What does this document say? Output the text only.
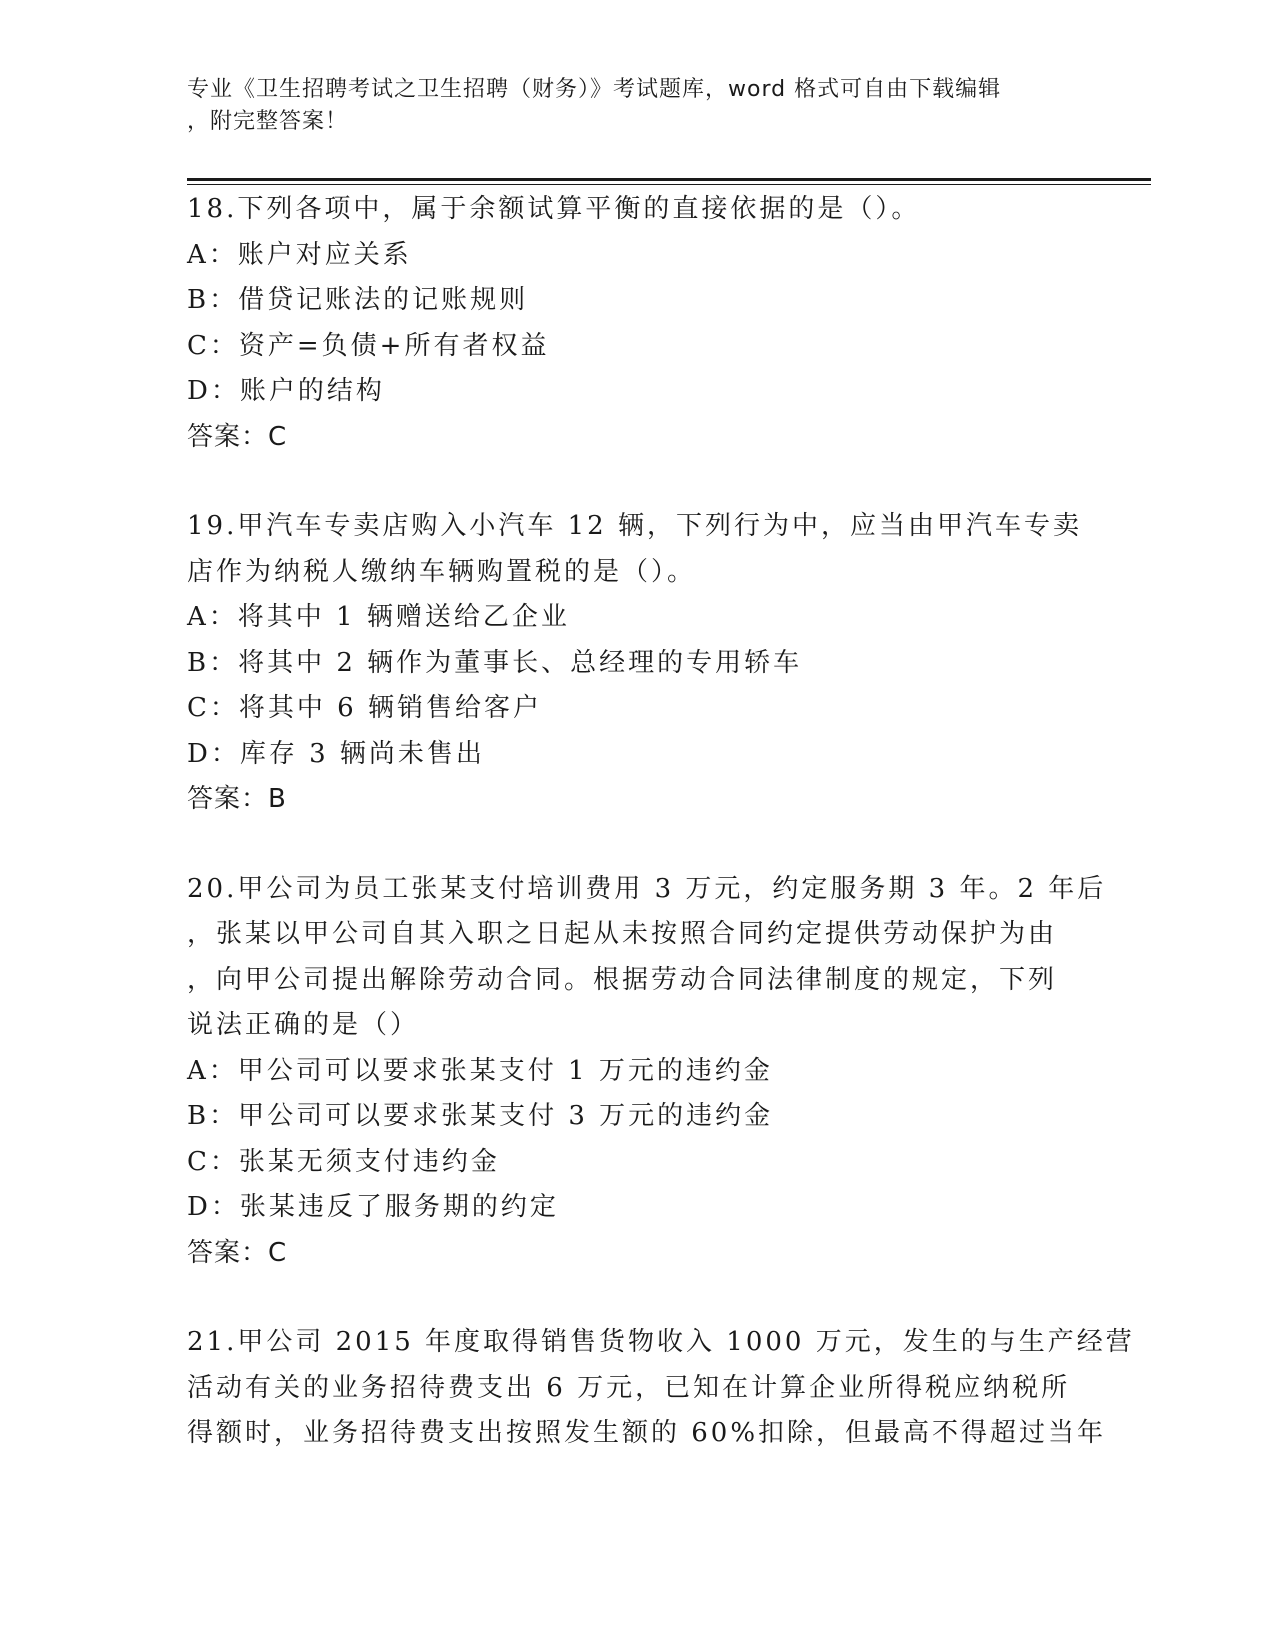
专业《卫生招聘考试之卫生招聘（财务）》考试题库，word 格式可自由下载编辑
，附完整答案！
18.下列各项中，属于余额试算平衡的直接依据的是（）。
A：账户对应关系
B：借贷记账法的记账规则
C：资产=负债+所有者权益
D：账户的结构
答案：C
19.甲汽车专卖店购入小汽车 12 辆，下列行为中，应当由甲汽车专卖
店作为纳税人缴纳车辆购置税的是（）。
A：将其中 1 辆赠送给乙企业
B：将其中 2 辆作为董事长、总经理的专用轿车
C：将其中 6 辆销售给客户
D：库存 3 辆尚未售出
答案：B
20.甲公司为员工张某支付培训费用 3 万元，约定服务期 3 年。2 年后
，张某以甲公司自其入职之日起从未按照合同约定提供劳动保护为由
，向甲公司提出解除劳动合同。根据劳动合同法律制度的规定，下列
说法正确的是（）
A：甲公司可以要求张某支付 1 万元的违约金
B：甲公司可以要求张某支付 3 万元的违约金
C：张某无须支付违约金
D：张某违反了服务期的约定
答案：C
21.甲公司 2015 年度取得销售货物收入 1000 万元，发生的与生产经营
活动有关的业务招待费支出 6 万元，已知在计算企业所得税应纳税所
得额时，业务招待费支出按照发生额的 60%扣除，但最高不得超过当年
